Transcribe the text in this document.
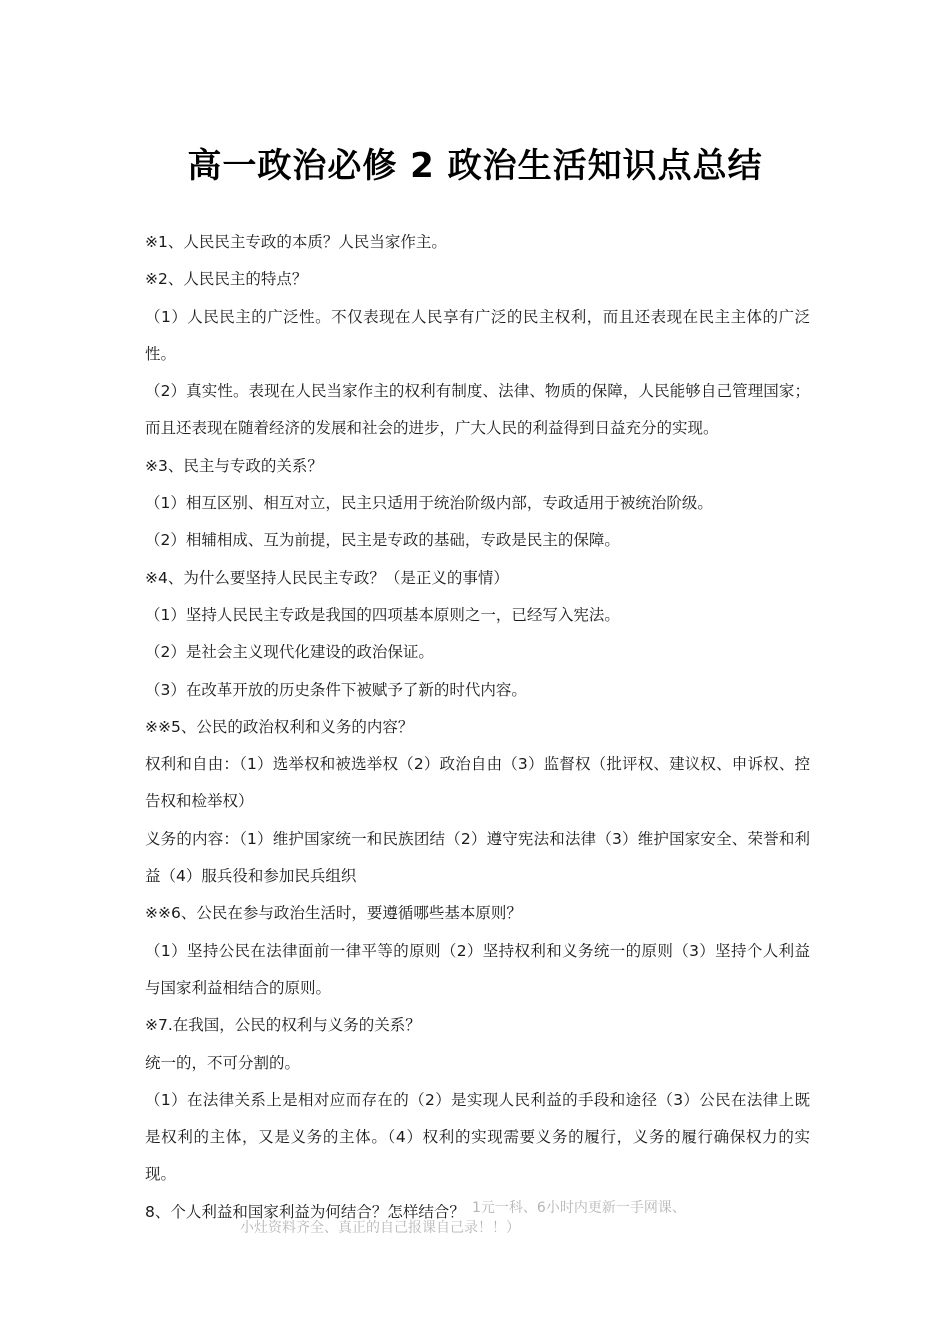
高一政治必修 2 政治生活知识点总结

※1、人民民主专政的本质？人民当家作主。

※2、人民民主的特点？

（1）人民民主的广泛性。不仅表现在人民享有广泛的民主权利，而且还表现在民主主体的广泛性。

（2）真实性。表现在人民当家作主的权利有制度、法律、物质的保障，人民能够自己管理国家；而且还表现在随着经济的发展和社会的进步，广大人民的利益得到日益充分的实现。

※3、民主与专政的关系？

（1）相互区别、相互对立，民主只适用于统治阶级内部，专政适用于被统治阶级。

（2）相辅相成、互为前提，民主是专政的基础，专政是民主的保障。

※4、为什么要坚持人民民主专政？（是正义的事情）

（1）坚持人民民主专政是我国的四项基本原则之一，已经写入宪法。

（2）是社会主义现代化建设的政治保证。

（3）在改革开放的历史条件下被赋予了新的时代内容。

※※5、公民的政治权利和义务的内容？

权利和自由：（1）选举权和被选举权（2）政治自由（3）监督权（批评权、建议权、申诉权、控告权和检举权）

义务的内容：（1）维护国家统一和民族团结（2）遵守宪法和法律（3）维护国家安全、荣誉和利益（4）服兵役和参加民兵组织

※※6、公民在参与政治生活时，要遵循哪些基本原则？

（1）坚持公民在法律面前一律平等的原则（2）坚持权利和义务统一的原则（3）坚持个人利益与国家利益相结合的原则。

※7.在我国，公民的权利与义务的关系？

统一的，不可分割的。

（1）在法律关系上是相对应而存在的（2）是实现人民利益的手段和途径（3）公民在法律上既是权利的主体，又是义务的主体。（4）权利的实现需要义务的履行，义务的履行确保权力的实现。

8、个人利益和国家利益为何结合？怎样结合？ 1元一科、6小时内更新一手网课、
小灶资料齐全、真正的自己报课自己录！！）
